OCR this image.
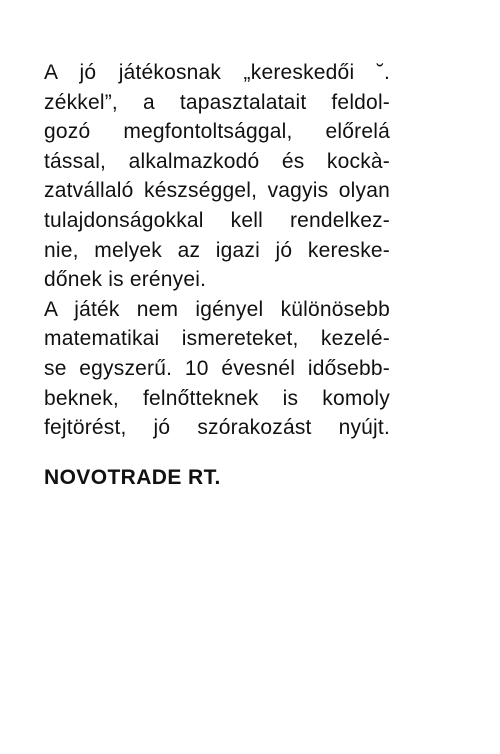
A jó játékosnak „kereskedői ˘.
zékkel”, a tapasztalatait feldol-
gozó megfontoltsággal, előrelá
tással, alkalmazkodó és kockà-
zatvállaló készséggel, vagyis olyan
tulajdonságokkal kell rendelkez-
nie, melyek az igazi jó kereske-
dőnek is erényei.
A játék nem igényel különösebb
matematikai ismereteket, kezelé-
se egyszerű. 10 évesnél idősebb-
beknek, felnőtteknek is komoly
fejtörést, jó szórakozást nyújt.
NOVOTRADE RT.
